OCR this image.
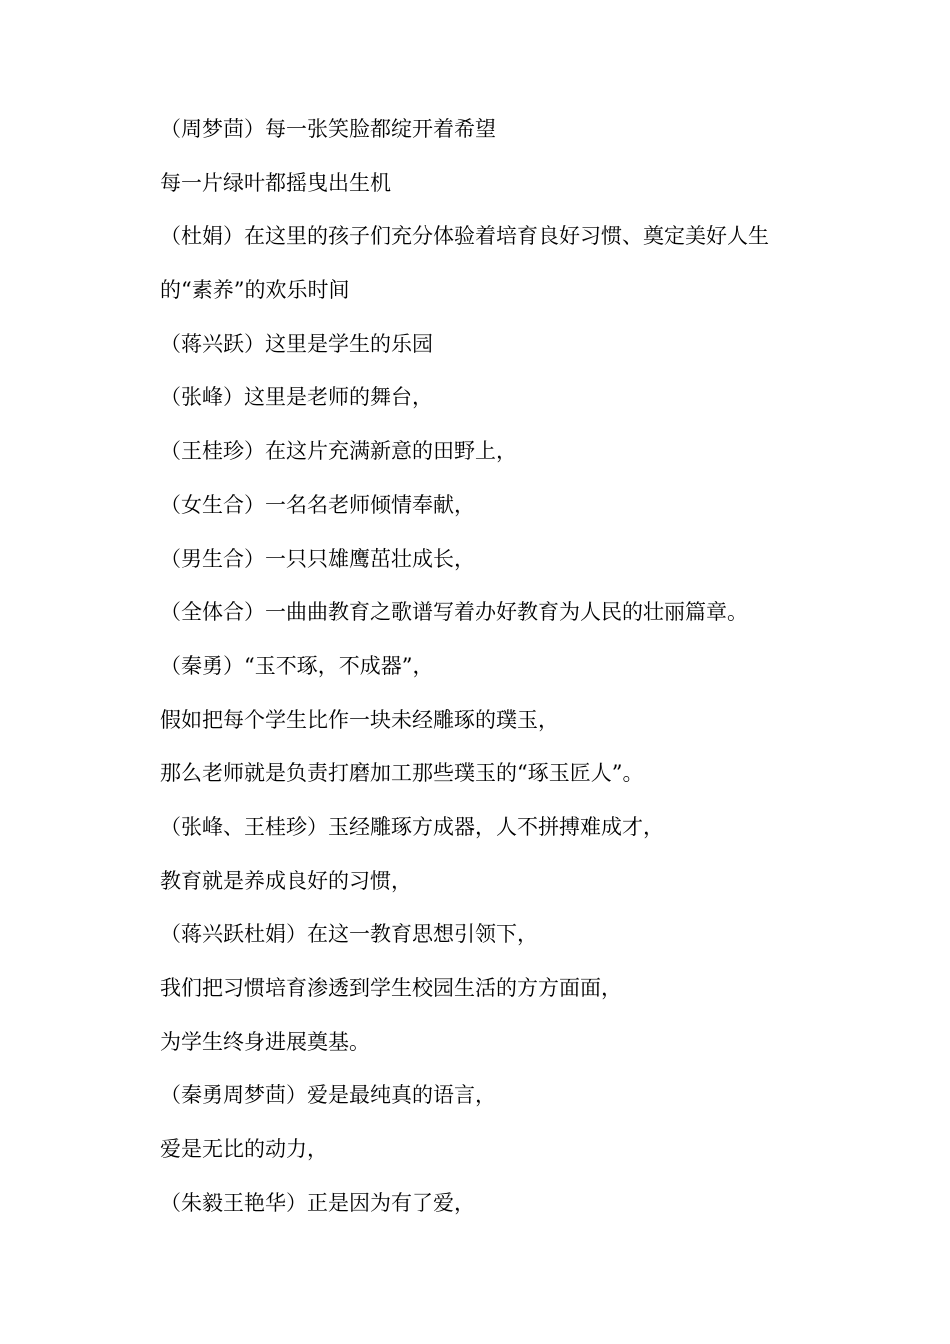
（周梦茴）每一张笑脸都绽开着希望
每一片绿叶都摇曳出生机
（杜娟）在这里的孩子们充分体验着培育良好习惯、奠定美好人生
的“素养”的欢乐时间
（蒋兴跃）这里是学生的乐园
（张峰）这里是老师的舞台，
（王桂珍）在这片充满新意的田野上，
（女生合）一名名老师倾情奉献，
（男生合）一只只雄鹰茁壮成长，
（全体合）一曲曲教育之歌谱写着办好教育为人民的壮丽篇章。
（秦勇）“玉不琢，不成器”，
假如把每个学生比作一块未经雕琢的璞玉，
那么老师就是负责打磨加工那些璞玉的“琢玉匠人”。
（张峰、王桂珍）玉经雕琢方成器，人不拼搏难成才，
教育就是养成良好的习惯，
（蒋兴跃杜娟）在这一教育思想引领下，
我们把习惯培育渗透到学生校园生活的方方面面，
为学生终身进展奠基。
（秦勇周梦茴）爱是最纯真的语言，
爱是无比的动力，
（朱毅王艳华）正是因为有了爱，
